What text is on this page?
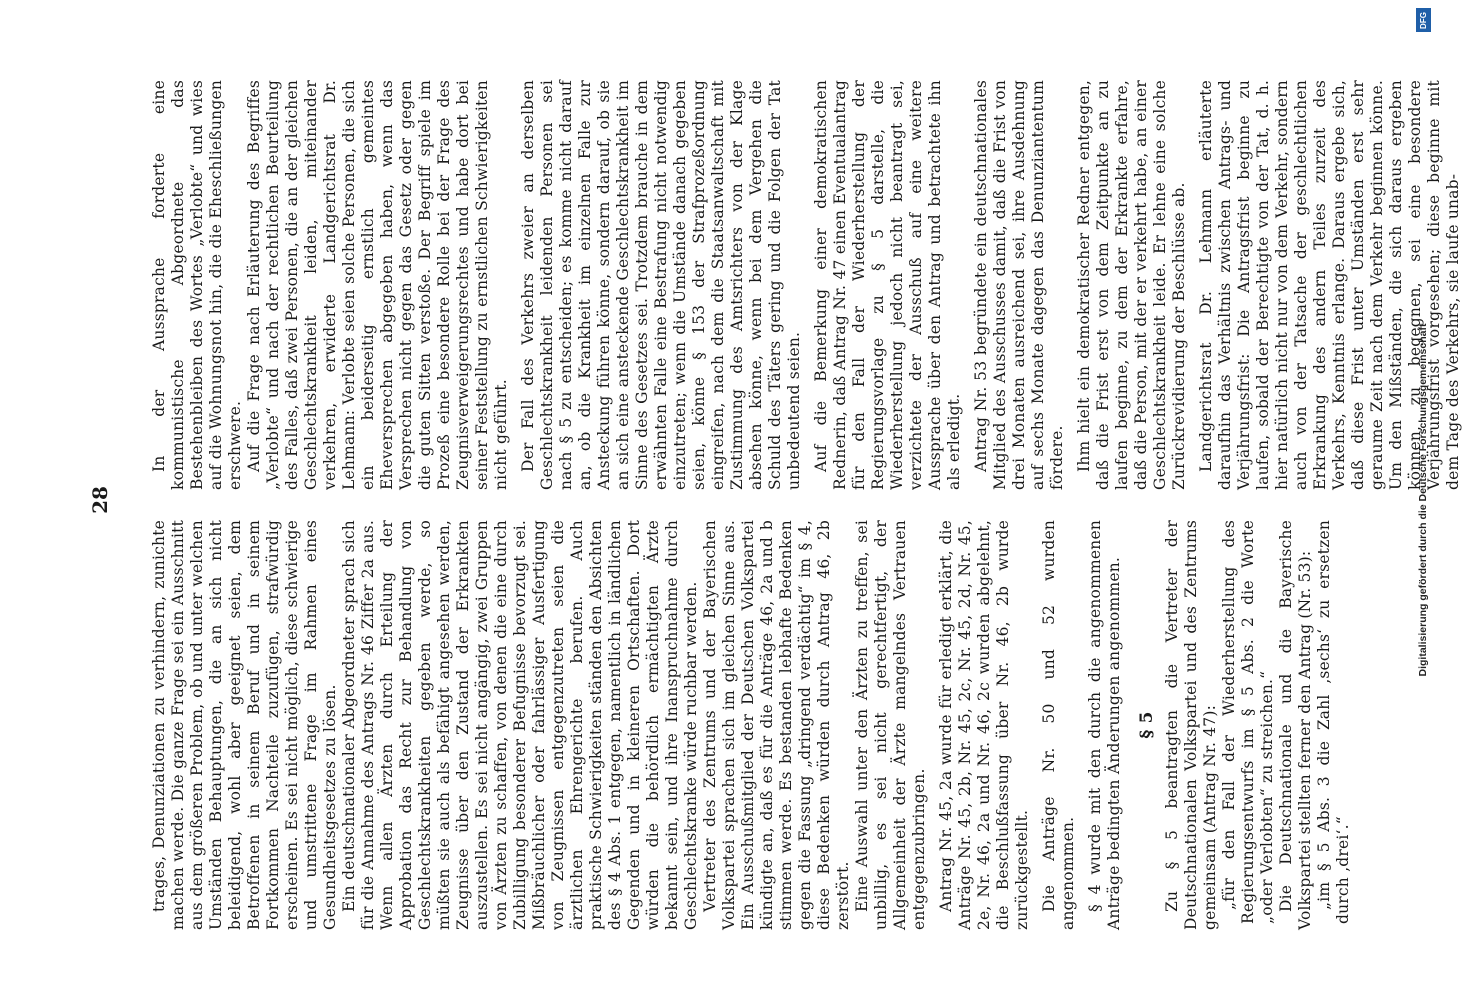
28

trages, Denunziationen zu verhindern, zunichte machen werde. Die ganze Frage sei ein Ausschnitt aus dem größeren Problem, ob und unter welchen Umständen Behauptungen, die an sich nicht beleidigend, wohl aber geeignet seien, dem Betroffenen in seinem Beruf und in seinem Fortkommen Nachteile zuzufügen, strafwürdig erscheinen. Es sei nicht möglich, diese schwierige und umstrittene Frage im Rahmen eines Gesundheitsgesetzes zu lösen. Ein deutschnationaler Abgeordneter sprach sich für die Annahme des Antrags Nr. 46 Ziffer 2a aus. Wenn allen Ärzten durch Erteilung der Approbation das Recht zur Behandlung von Geschlechtskrankheiten gegeben werde, so müßten sie auch als befähigt angesehen werden, Zeugnisse über den Zustand der Erkrankten auszustellen. Es sei nicht angängig, zwei Gruppen von Ärzten zu schaffen, von denen die eine durch Zubilligung besonderer Befugnisse bevorzugt sei. Mißbräuchlicher oder fahrlässiger Ausfertigung von Zeugnissen entgegenzutreten seien die ärztlichen Ehrengerichte berufen. Auch praktische Schwierigkeiten ständen den Absichten des § 4 Abs. 1 entgegen, namentlich in ländlichen Gegenden und in kleineren Ortschaften. Dort würden die behördlich ermächtigten Ärzte bekannt sein, und ihre Inanspruchnahme durch Geschlechtskranke würde ruchbar werden. Vertreter des Zentrums und der Bayerischen Volkspartei sprachen sich im gleichen Sinne aus. Ein Ausschußmitglied der Deutschen Volkspartei kündigte an, daß es für die Anträge 46, 2a und b stimmen werde. Es bestanden lebhafte Bedenken gegen die Fassung „dringend verdächtig“ im § 4, diese Bedenken würden durch Antrag 46, 2b zerstört. Eine Auswahl unter den Ärzten zu treffen, sei unbillig, es sei nicht gerechtfertigt, der Allgemeinheit der Ärzte mangelndes Vertrauen entgegenzubringen. Antrag Nr. 45, 2a wurde für erledigt erklärt, die Anträge Nr. 45, 2b, Nr. 45, 2c, Nr. 45, 2d, Nr. 45, 2e, Nr. 46, 2a und Nr. 46, 2c wurden abgelehnt, die Beschlußfassung über Nr. 46, 2b wurde zurückgestellt. Die Anträge Nr. 50 und 52 wurden angenommen. § 4 wurde mit den durch die angenommenen Anträge bedingten Änderungen angenommen. § 5 Zu § 5 beantragten die Vertreter der Deutschnationalen Volkspartei und des Zentrums gemeinsam (Antrag Nr. 47): „für den Fall der Wiederherstellung des Regierungsentwurfs im § 5 Abs. 2 die Worte „oder Verlobten“ zu streichen.“ Die Deutschnationale und die Bayerische Volkspartei stellten ferner den Antrag (Nr. 53): „im § 5 Abs. 3 die Zahl ‚sechs‘ zu ersetzen durch ‚drei‘.“

In der Aussprache forderte eine kommunistische Abgeordnete das Bestehenbleiben des Wortes „Verlobte“ und wies auf die Wohnungsnot hin, die die Eheschließungen erschwere. Auf die Frage nach Erläuterung des Begriffes „Verlobte“ und nach der rechtlichen Beurteilung des Falles, daß zwei Personen, die an der gleichen Geschlechtskrankheit leiden, miteinander verkehren, erwiderte Landgerichtsrat Dr. Lehmann: Verlobte seien solche Personen, die sich ein beiderseitig ernstlich gemeintes Eheversprechen abgegeben haben, wenn das Versprechen nicht gegen das Gesetz oder gegen die guten Sitten verstoße. Der Begriff spiele im Prozeß eine besondere Rolle bei der Frage des Zeugnisverweigerungsrechtes und habe dort bei seiner Feststellung zu ernstlichen Schwierigkeiten nicht geführt. Der Fall des Verkehrs zweier an derselben Geschlechtskrankheit leidenden Personen sei nach § 5 zu entscheiden; es komme nicht darauf an, ob die Krankheit im einzelnen Falle zur Ansteckung führen könne, sondern darauf, ob sie an sich eine ansteckende Geschlechtskrankheit im Sinne des Gesetzes sei. Trotzdem brauche in dem erwähnten Falle eine Bestrafung nicht notwendig einzutreten; wenn die Umstände danach gegeben seien, könne § 153 der Strafprozeßordnung eingreifen, nach dem die Staatsanwaltschaft mit Zustimmung des Amtsrichters von der Klage absehen könne, wenn bei dem Vergehen die Schuld des Täters gering und die Folgen der Tat unbedeutend seien. Auf die Bemerkung einer demokratischen Rednerin, daß Antrag Nr. 47 einen Eventualantrag für den Fall der Wiederherstellung der Regierungsvorlage zu § 5 darstelle, die Wiederherstellung jedoch nicht beantragt sei, verzichtete der Ausschuß auf eine weitere Aussprache über den Antrag und betrachtete ihn als erledigt. Antrag Nr. 53 begründete ein deutschnationales Mitglied des Ausschusses damit, daß die Frist von drei Monaten ausreichend sei, ihre Ausdehnung auf sechs Monate dagegen das Denunziantentum fördere. Ihm hielt ein demokratischer Redner entgegen, daß die Frist erst von dem Zeitpunkte an zu laufen beginne, zu dem der Erkrankte erfahre, daß die Person, mit der er verkehrt habe, an einer Geschlechtskrankheit leide. Er lehne eine solche Zurückrevidierung der Beschlüsse ab. Landgerichtsrat Dr. Lehmann erläuterte daraufhin das Verhältnis zwischen Antrags- und Verjährungsfrist: Die Antragsfrist beginne zu laufen, sobald der Berechtigte von der Tat, d. h. hier natürlich nicht nur von dem Verkehr, sondern auch von der Tatsache der geschlechtlichen Erkrankung des andern Teiles zurzeit des Verkehrs, Kenntnis erlange. Daraus ergebe sich, daß diese Frist unter Umständen erst sehr geraume Zeit nach dem Verkehr beginnen könne. Um den Mißständen, die sich daraus ergeben können, zu begegnen, sei eine besondere Verjährungsfrist vorgesehen; diese beginne mit dem Tage des Verkehrs, sie laufe unab-

DFG
Digitalisierung gefördert durch die Deutsche Forschungsgemeinschaft
